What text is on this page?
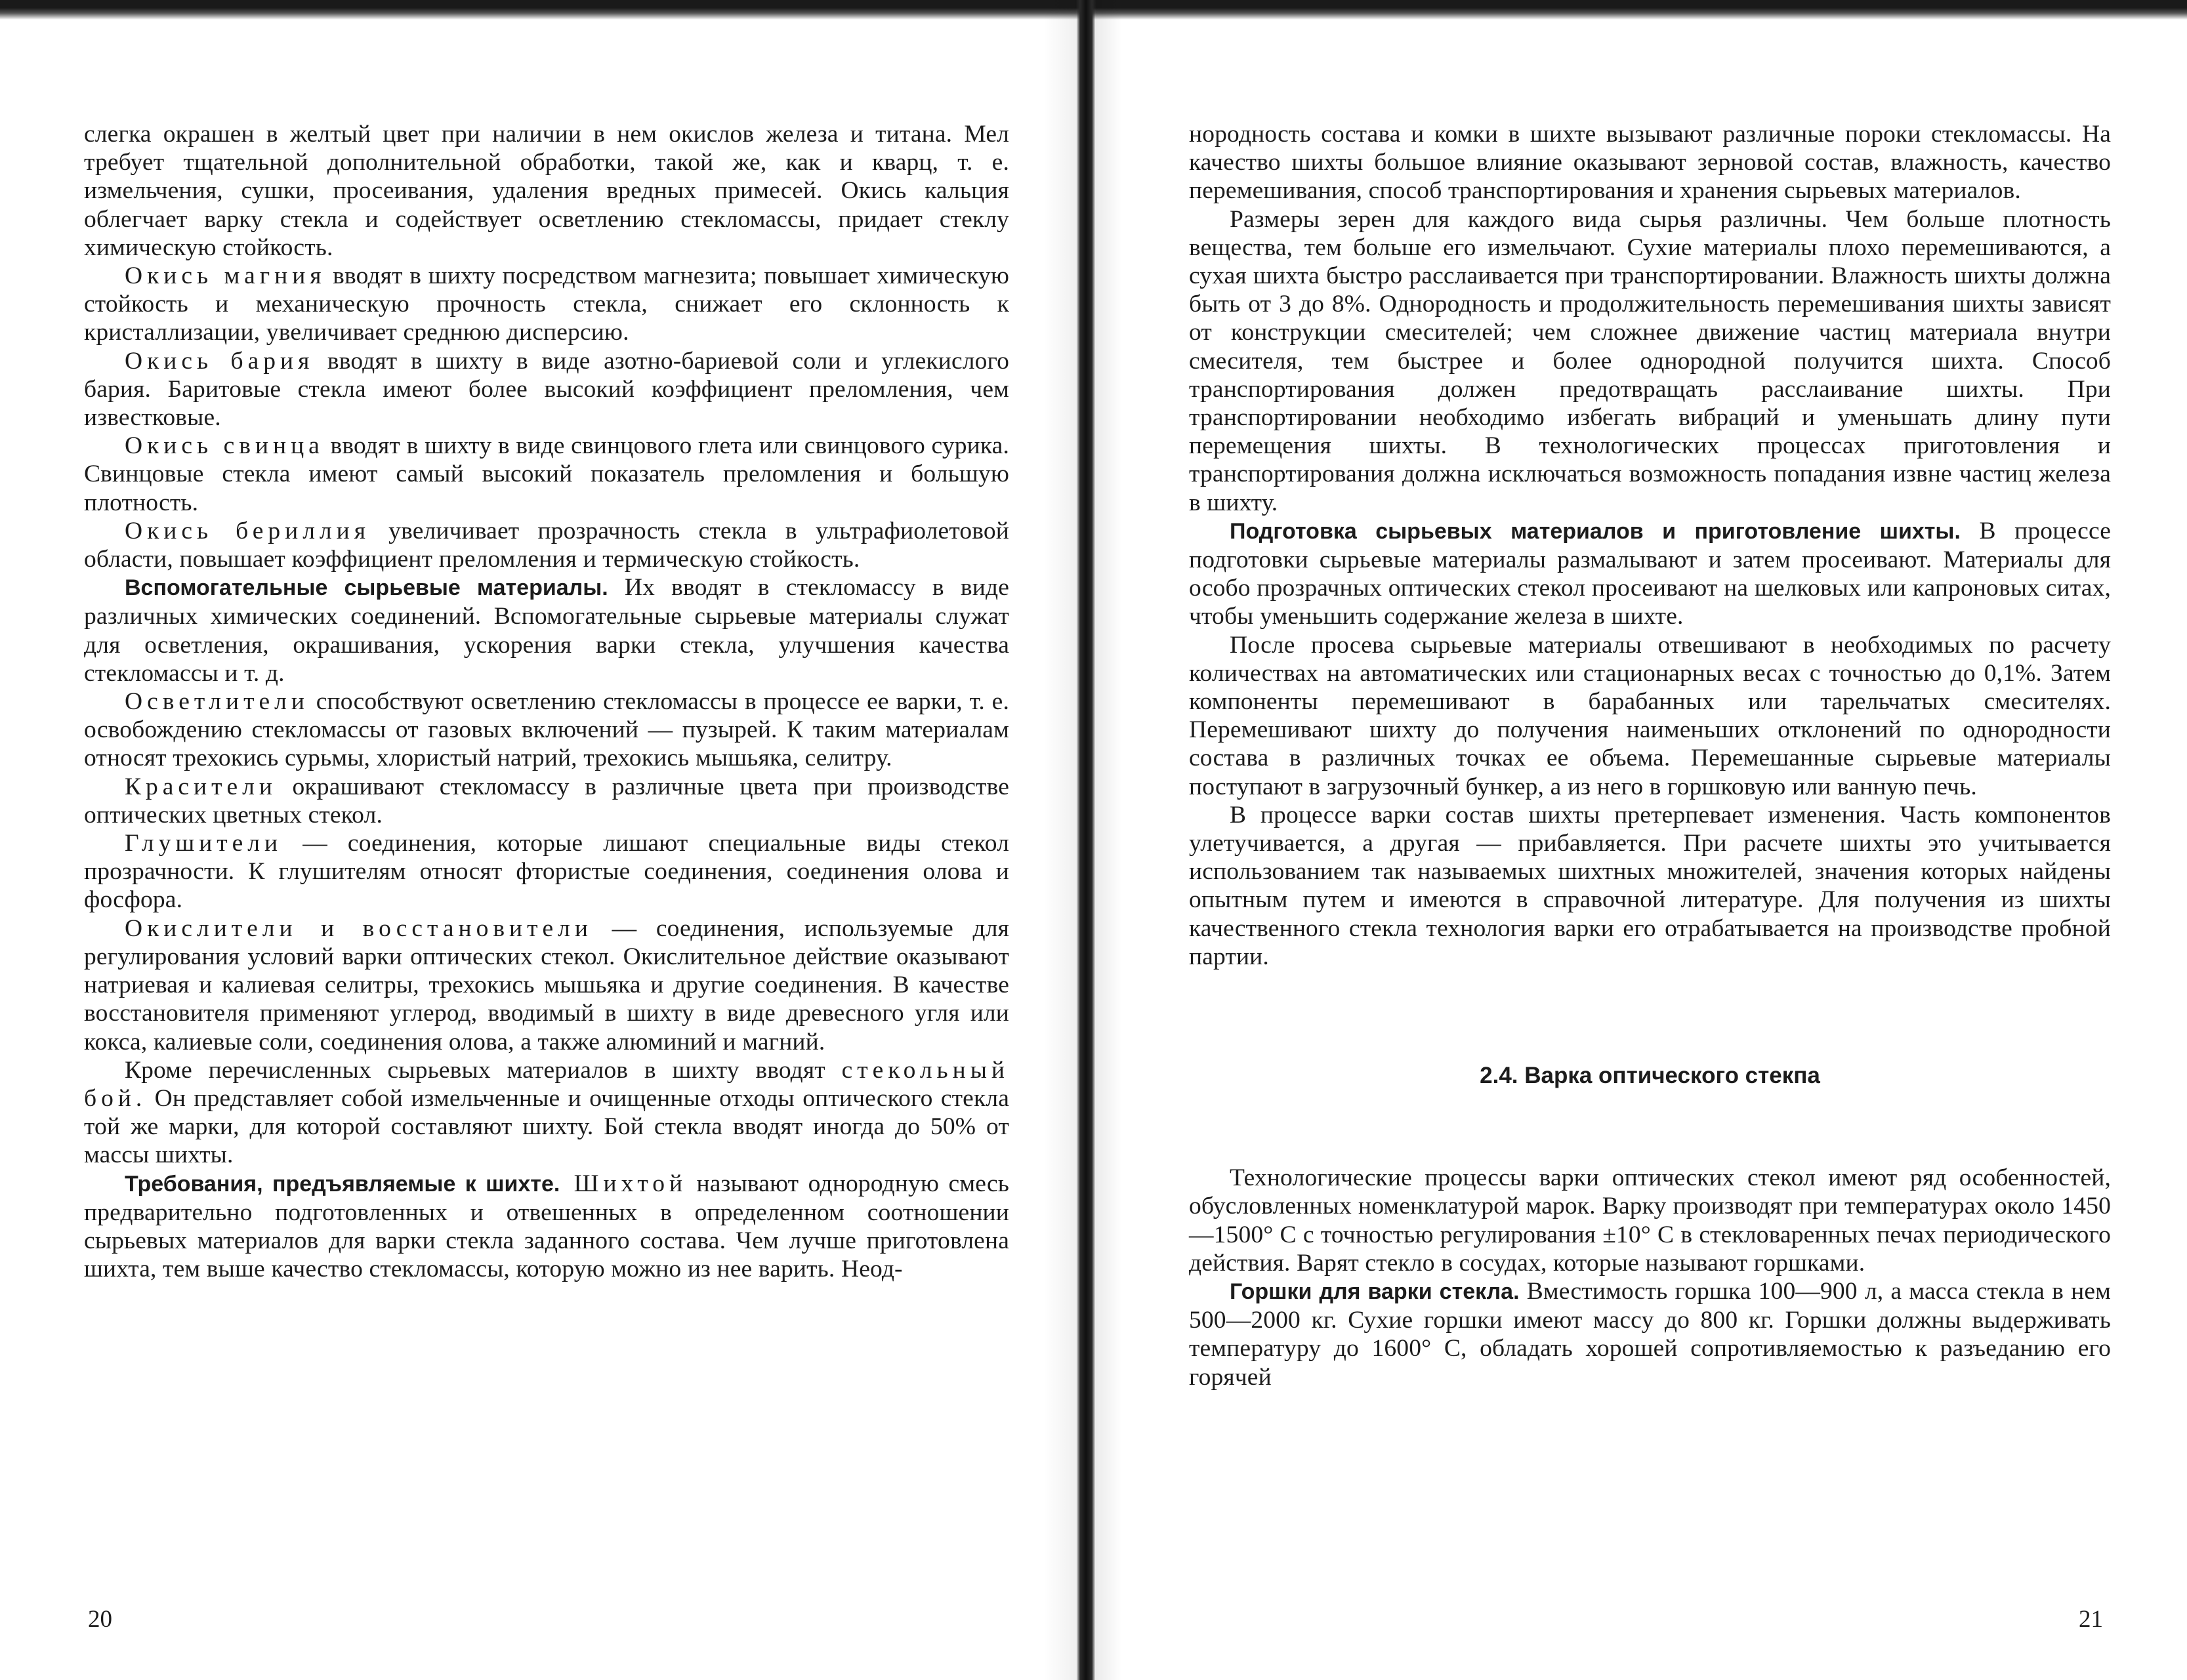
слегка окрашен в желтый цвет при наличии в нем окислов железа и титана. Мел требует тщательной дополнительной обработки, такой же, как и кварц, т. е. измельчения, сушки, просеивания, удаления вредных примесей. Окись кальция облегчает варку стекла и содействует осветлению стекломассы, придает стеклу химическую стойкость.

Окись магния вводят в шихту посредством магнезита; повышает химическую стойкость и механическую прочность стекла, снижает его склонность к кристаллизации, увеличивает среднюю дисперсию.

Окись бария вводят в шихту в виде азотно-бариевой соли и углекислого бария. Баритовые стекла имеют более высокий коэффициент преломления, чем известковые.

Окись свинца вводят в шихту в виде свинцового глета или свинцового сурика. Свинцовые стекла имеют самый высокий показатель преломления и большую плотность.

Окись бериллия увеличивает прозрачность стекла в ультрафиолетовой области, повышает коэффициент преломления и термическую стойкость.

Вспомогательные сырьевые материалы. Их вводят в стекломассу в виде различных химических соединений. Вспомогательные сырьевые материалы служат для осветления, окрашивания, ускорения варки стекла, улучшения качества стекломассы и т. д.

Осветлители способствуют осветлению стекломассы в процессе ее варки, т. е. освобождению стекломассы от газовых включений — пузырей. К таким материалам относят трехокись сурьмы, хлористый натрий, трехокись мышьяка, селитру.

Красители окрашивают стекломассу в различные цвета при производстве оптических цветных стекол.

Глушители — соединения, которые лишают специальные виды стекол прозрачности. К глушителям относят фтористые соединения, соединения олова и фосфора.

Окислители и восстановители — соединения, используемые для регулирования условий варки оптических стекол. Окислительное действие оказывают натриевая и калиевая селитры, трехокись мышьяка и другие соединения. В качестве восстановителя применяют углерод, вводимый в шихту в виде древесного угля или кокса, калиевые соли, соединения олова, а также алюминий и магний.

Кроме перечисленных сырьевых материалов в шихту вводят стекольный бой. Он представляет собой измельченные и очищенные отходы оптического стекла той же марки, для которой составляют шихту. Бой стекла вводят иногда до 50% от массы шихты.

Требования, предъявляемые к шихте. Шихтой называют однородную смесь предварительно подготовленных и отвешенных в определенном соотношении сырьевых материалов для варки стекла заданного состава. Чем лучше приготовлена шихта, тем выше качество стекломассы, которую можно из нее варить. Неод-

20

нородность состава и комки в шихте вызывают различные пороки стекломассы. На качество шихты большое влияние оказывают зерновой состав, влажность, качество перемешивания, способ транспортирования и хранения сырьевых материалов.

Размеры зерен для каждого вида сырья различны. Чем больше плотность вещества, тем больше его измельчают. Сухие материалы плохо перемешиваются, а сухая шихта быстро расслаивается при транспортировании. Влажность шихты должна быть от 3 до 8%. Однородность и продолжительность перемешивания шихты зависят от конструкции смесителей; чем сложнее движение частиц материала внутри смесителя, тем быстрее и более однородной получится шихта. Способ транспортирования должен предотвращать расслаивание шихты. При транспортировании необходимо избегать вибраций и уменьшать длину пути перемещения шихты. В технологических процессах приготовления и транспортирования должна исключаться возможность попадания извне частиц железа в шихту.

Подготовка сырьевых материалов и приготовление шихты. В процессе подготовки сырьевые материалы размалывают и затем просеивают. Материалы для особо прозрачных оптических стекол просеивают на шелковых или капроновых ситах, чтобы уменьшить содержание железа в шихте.

После просева сырьевые материалы отвешивают в необходимых по расчету количествах на автоматических или стационарных весах с точностью до 0,1%. Затем компоненты перемешивают в барабанных или тарельчатых смесителях. Перемешивают шихту до получения наименьших отклонений по однородности состава в различных точках ее объема. Перемешанные сырьевые материалы поступают в загрузочный бункер, а из него в горшковую или ванную печь.

В процессе варки состав шихты претерпевает изменения. Часть компонентов улетучивается, а другая — прибавляется. При расчете шихты это учитывается использованием так называемых шихтных множителей, значения которых найдены опытным путем и имеются в справочной литературе. Для получения из шихты качественного стекла технология варки его отрабатывается на производстве пробной партии.

2.4. Варка оптического стекпа

Технологические процессы варки оптических стекол имеют ряд особенностей, обусловленных номенклатурой марок. Варку производят при температурах около 1450—1500° С с точностью регулирования ±10° С в стекловаренных печах периодического действия. Варят стекло в сосудах, которые называют горшками.

Горшки для варки стекла. Вместимость горшка 100—900 л, а масса стекла в нем 500—2000 кг. Сухие горшки имеют массу до 800 кг. Горшки должны выдерживать температуру до 1600° С, обладать хорошей сопротивляемостью к разъеданию его горячей

21
